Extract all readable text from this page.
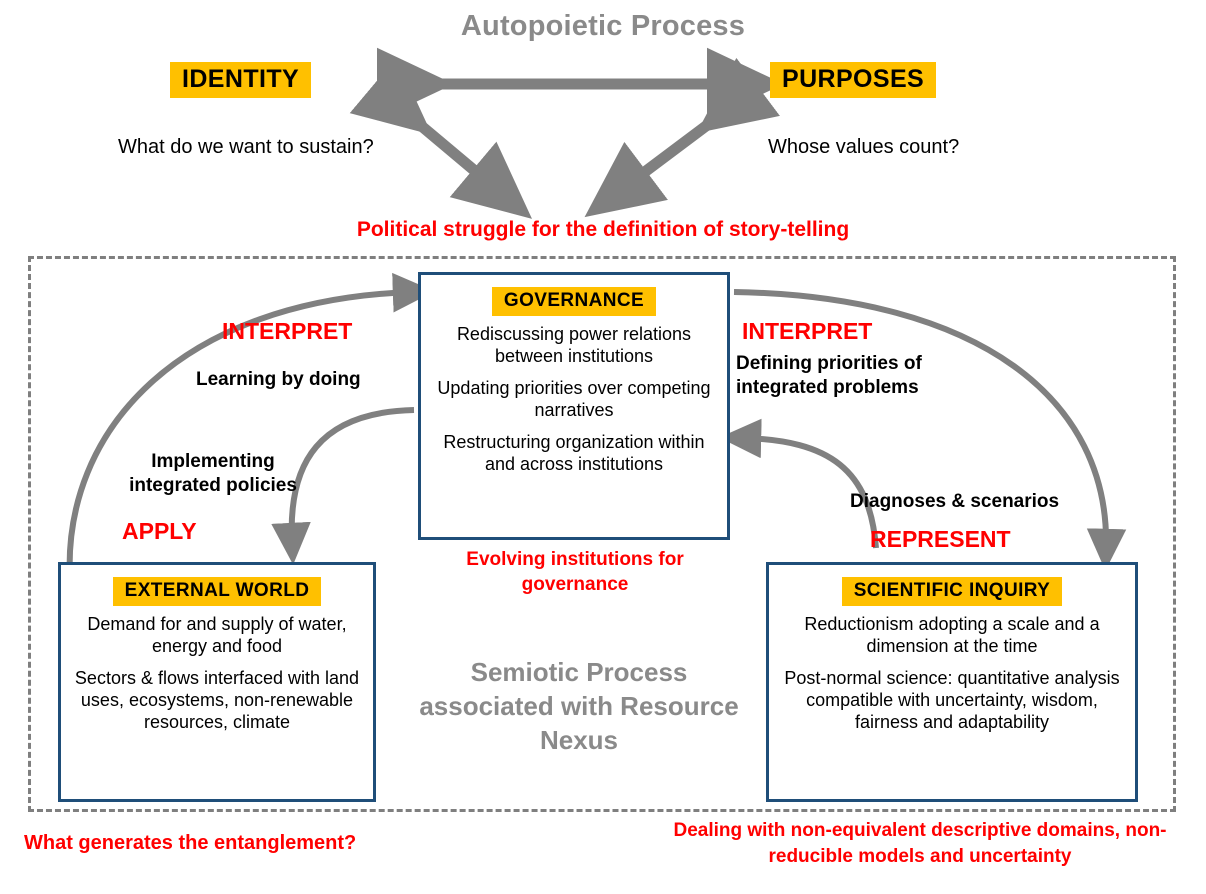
Autopoietic Process
IDENTITY	PURPOSES
What do we want to sustain?	Whose values count?
Political struggle for the definition of story-telling
GOVERNANCE
Rediscussing power relations between institutions
Updating priorities over competing narratives
Restructuring organization within and across institutions
EXTERNAL WORLD
Demand for and supply of water, energy and food
Sectors & flows interfaced with land uses, ecosystems, non-renewable resources, climate
SCIENTIFIC INQUIRY
Reductionism adopting a scale and a dimension at the time
Post-normal science: quantitative analysis compatible with uncertainty, wisdom, fairness and adaptability
INTERPRET
Learning by doing
Implementing integrated policies
APPLY
INTERPRET
Defining priorities of integrated problems
Diagnoses & scenarios
REPRESENT
Evolving institutions for governance
Semiotic Process associated with Resource Nexus
What generates the entanglement?
Dealing with non-equivalent descriptive domains, non-reducible models and uncertainty
